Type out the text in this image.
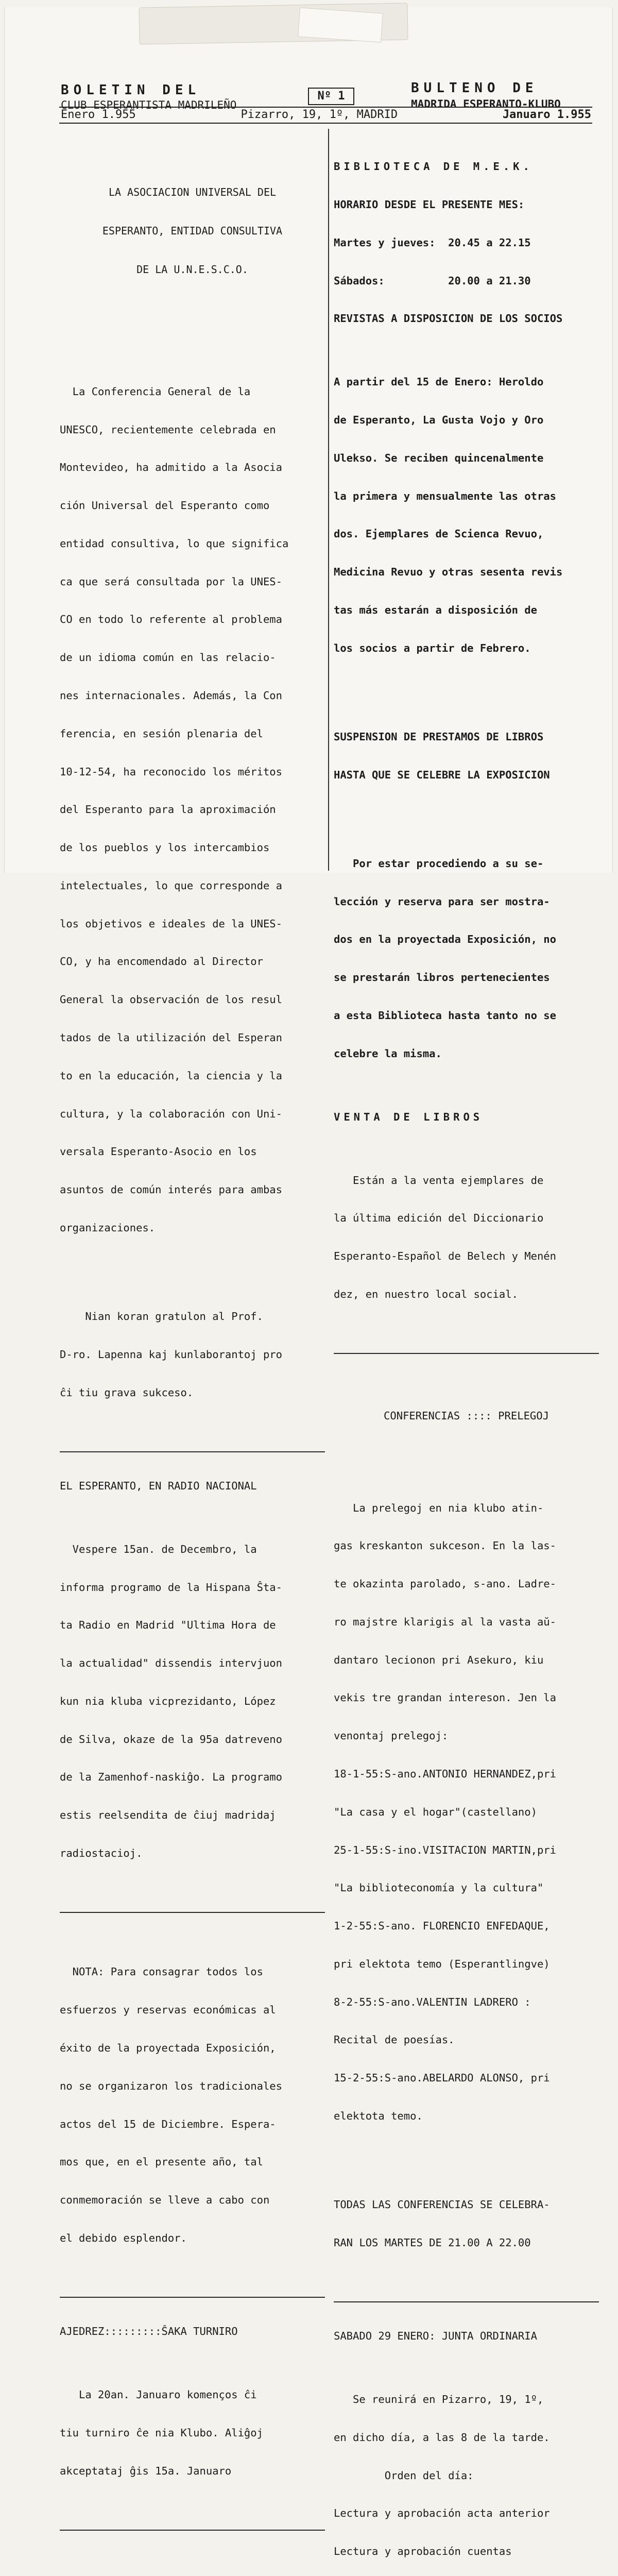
BOLETIN DEL
CLUB ESPERANTISTA MADRILEÑO
Nº 1
BULTENO DE
MADRIDA ESPERANTO-KLUBO
Enero 1.955	Pizarro, 19, 1º, MADRID	Januaro 1.955

LA ASOCIACION UNIVERSAL DEL

ESPERANTO, ENTIDAD CONSULTIVA

DE LA U.N.E.S.C.O.

La Conferencia General de la

UNESCO, recientemente celebrada en

Montevideo, ha admitido a la Asocia

ción Universal del Esperanto como

entidad consultiva, lo que significa

ca que será consultada por la UNES-

CO en todo lo referente al problema

de un idioma común en las relacio-

nes internacionales. Además, la Con

ferencia, en sesión plenaria del

10-12-54, ha reconocido los méritos

del Esperanto para la aproximación

de los pueblos y los intercambios

intelectuales, lo que corresponde a

los objetivos e ideales de la UNES-

CO, y ha encomendado al Director

General la observación de los resul

tados de la utilización del Esperan

to en la educación, la ciencia y la

cultura, y la colaboración con Uni-

versala Esperanto-Asocio en los

asuntos de común interés para ambas

organizaciones.

Nian koran gratulon al Prof.

D-ro. Lapenna kaj kunlaborantoj pro

ĉi tiu grava sukceso.

EL ESPERANTO, EN RADIO NACIONAL

Vespere 15an. de Decembro, la

informa programo de la Hispana Ŝta-

ta Radio en Madrid "Ultima Hora de

la actualidad" dissendis intervjuon

kun nia kluba vicprezidanto, López

de Silva, okaze de la 95a datreveno

de la Zamenhof-naskiĝo. La programo

estis reelsendita de ĉiuj madridaj

radiostacioj.

NOTA: Para consagrar todos los

esfuerzos y reservas económicas al

éxito de la proyectada Exposición,

no se organizaron los tradicionales

actos del 15 de Diciembre. Espera-

mos que, en el presente año, tal

conmemoración se lleve a cabo con

el debido esplendor.

AJEDREZ:::::::::ŜAKA TURNIRO

La 20an. Januaro komenços ĉi

tiu turniro ĉe nia Klubo. Aliĝoj

akceptataj ĝis 15a. Januaro

BIBLIOTECA DE M.E.K.

HORARIO DESDE EL PRESENTE MES:

Martes y jueves:  20.45 a 22.15

Sábados:          20.00 a 21.30

REVISTAS A DISPOSICION DE LOS SOCIOS

A partir del 15 de Enero: Heroldo

de Esperanto, La Gusta Vojo y Oro

Ulekso. Se reciben quincenalmente

la primera y mensualmente las otras

dos. Ejemplares de Scienca Revuo,

Medicina Revuo y otras sesenta revis

tas más estarán a disposición de

los socios a partir de Febrero.

SUSPENSION DE PRESTAMOS DE LIBROS

HASTA QUE SE CELEBRE LA EXPOSICION

Por estar procediendo a su se-

lección y reserva para ser mostra-

dos en la proyectada Exposición, no

se prestarán libros pertenecientes

a esta Biblioteca hasta tanto no se

celebre la misma.

VENTA DE LIBROS

Están a la venta ejemplares de

la última edición del Diccionario

Esperanto-Español de Belech y Menén

dez, en nuestro local social.

CONFERENCIAS :::: PRELEGOJ

La prelegoj en nia klubo atin-

gas kreskanton sukceson. En la las-

te okazinta parolado, s-ano. Ladre-

ro majstre klarigis al la vasta aŭ-

dantaro lecionon pri Asekuro, kiu

vekis tre grandan intereson. Jen la

venontaj prelegoj:

18-1-55:S-ano.ANTONIO HERNANDEZ,pri

"La casa y el hogar"(castellano)

25-1-55:S-ino.VISITACION MARTIN,pri

"La biblioteconomía y la cultura"

1-2-55:S-ano. FLORENCIO ENFEDAQUE,

pri elektota temo (Esperantlingve)

8-2-55:S-ano.VALENTIN LADRERO :

Recital de poesías.

15-2-55:S-ano.ABELARDO ALONSO, pri

elektota temo.

TODAS LAS CONFERENCIAS SE CELEBRA-

RAN LOS MARTES DE 21.00 A 22.00

SABADO 29 ENERO: JUNTA ORDINARIA

Se reunirá en Pizarro, 19, 1º,

en dicho día, a las 8 de la tarde.

Orden del día:

Lectura y aprobación acta anterior

Lectura y aprobación cuentas
